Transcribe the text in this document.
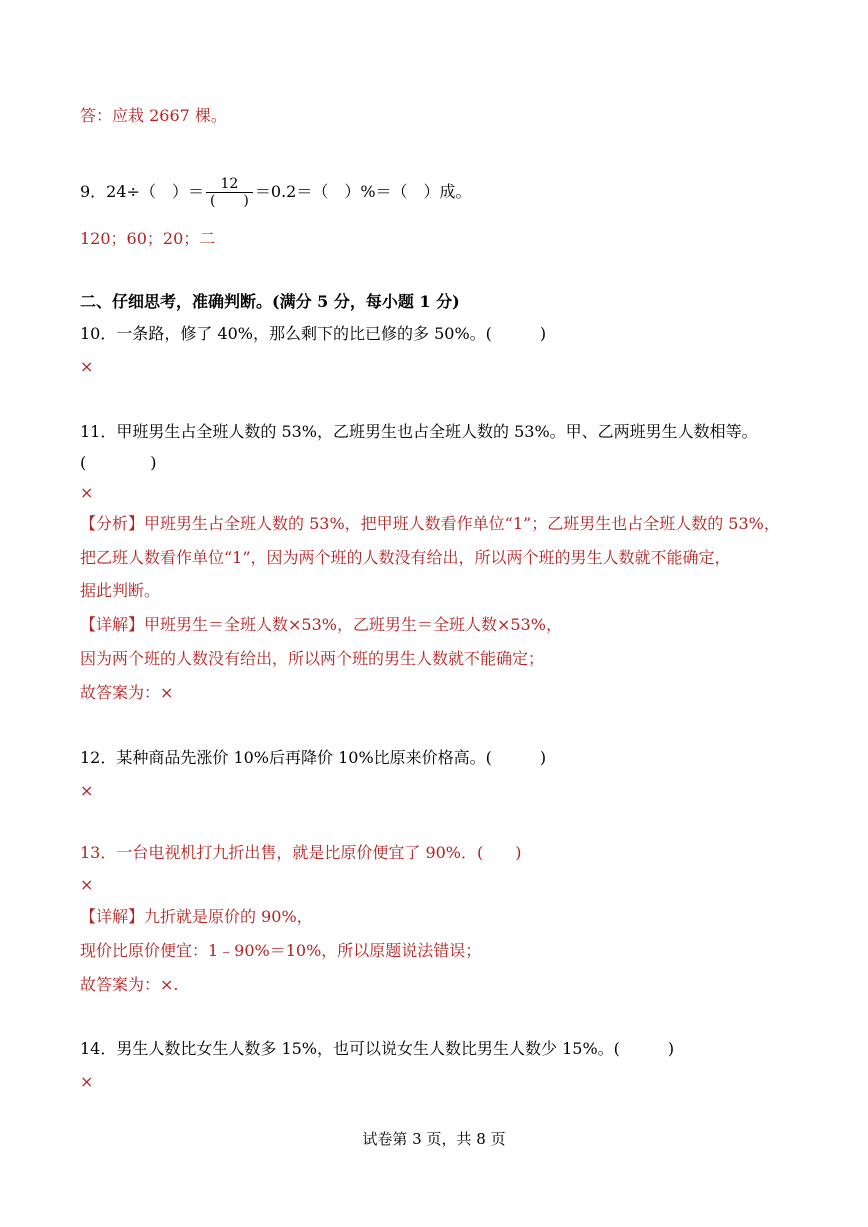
答：应栽 2667 棵。
9．24÷（　）＝ $\frac{12}{( )} =0.2=$（　）%＝（　）成。
120；60；20；二
二、仔细思考，准确判断。(满分 5 分，每小题 1 分)
10．一条路，修了 40%，那么剩下的比已修的多 50%。(　　　)
×
11．甲班男生占全班人数的 53%，乙班男生也占全班人数的 53%。甲、乙两班男生人数相等。
(　　　　)
×
【分析】甲班男生占全班人数的 53%，把甲班人数看作单位“1”；乙班男生也占全班人数的 53%，
把乙班人数看作单位“1”，因为两个班的人数没有给出，所以两个班的男生人数就不能确定，
据此判断。
【详解】甲班男生＝全班人数×53%，乙班男生＝全班人数×53%，
因为两个班的人数没有给出，所以两个班的男生人数就不能确定；
故答案为：×
12．某种商品先涨价 10%后再降价 10%比原来价格高。(　　　)
×
13．一台电视机打九折出售，就是比原价便宜了 90%．(　　)
×
【详解】九折就是原价的 90%，
现价比原价便宜：1﹣90%＝10%，所以原题说法错误；
故答案为：×.
14．男生人数比女生人数多 15%，也可以说女生人数比男生人数少 15%。(　　　)
×
试卷第 3 页，共 8 页
